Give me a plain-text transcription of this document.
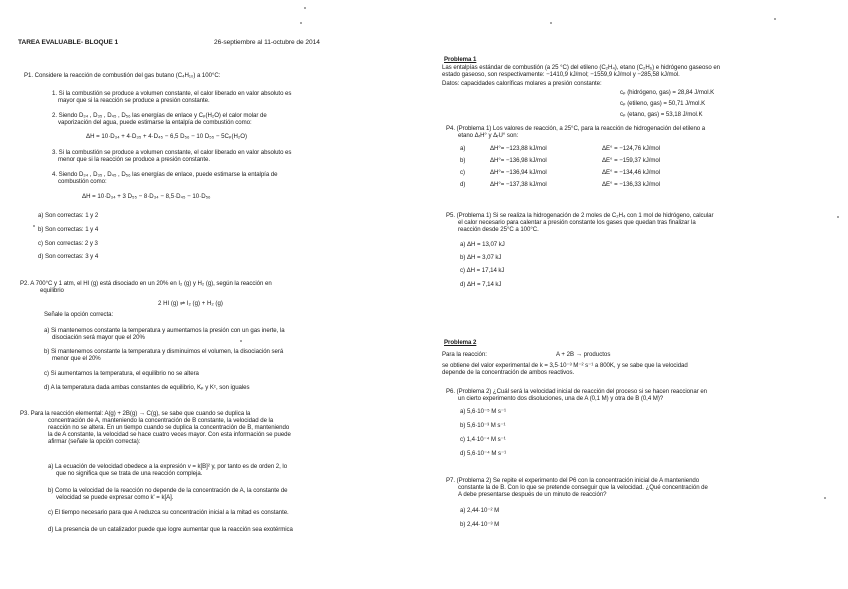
TAREA EVALUABLE- BLOQUE 1	26-septiembre al 11-octubre de 2014
P1. Considere la reacción de combustión del gas butano (C₄H₁₀) a 100°C:
1. Si la combustión se produce a volumen constante, el calor liberado en valor absoluto es
mayor que si la reacción se produce a presión constante.
2. Siendo D₃₄ , D₃₅ , D₄₅ , D₅₆ las energías de enlace y Cₚ(H₂O) el calor molar de
vaporización del agua, puede estimarse la entalpía de combustión como:
ΔH = 10·D₃₄ + 4·D₃₅ + 4·D₄₅ − 6,5 D₅₆ − 10 D₅₅ − 5Cₚ(H₂O)
3. Si la combustión se produce a volumen constante, el calor liberado en valor absoluto es
menor que si la reacción se produce a presión constante.
4. Siendo D₃₄ , D₃₅ , D₄₅ , D₅₆ las energías de enlace, puede estimarse la entalpía de
combustión como:
ΔH = 10·D₃₄ + 3 D₅₅ − 8·D₃₄ − 8,5·D₄₅ − 10·D₅₆
a) Son correctas: 1 y 2
b) Son correctas: 1 y 4
c) Son correctas: 2 y 3
d) Son correctas: 3 y 4
P2. A 700°C y 1 atm, el HI (g) está disociado en un 20% en I₂ (g) y H₂ (g), según la reacción en
equilibrio
2 HI (g) ⇌ I₂ (g) + H₂ (g)
Señale la opción correcta:
a) Si mantenemos constante la temperatura y aumentamos la presión con un gas inerte, la
disociación será mayor que el 20%
b) Si mantenemos constante la temperatura y disminuimos el volumen, la disociación será
menor que el 20%
c) Si aumentamos la temperatura, el equilibrio no se altera
d) A la temperatura dada ambas constantes de equilibrio, Kₚ y Kᶜ, son iguales
P3. Para la reacción elemental: A(g) + 2B(g) → C(g), se sabe que cuando se duplica la
concentración de A, manteniendo la concentración de B constante, la velocidad de la
reacción no se altera. En un tiempo cuando se duplica la concentración de B, manteniendo
la de A constante, la velocidad se hace cuatro veces mayor. Con esta información se puede
afirmar (señale la opción correcta):
a) La ecuación de velocidad obedece a la expresión v = k[B]² y, por tanto es de orden 2, lo
que no significa que se trata de una reacción compleja.
b) Como la velocidad de la reacción no depende de la concentración de A, la constante de
velocidad se puede expresar como k' = k[A].
c) El tiempo necesario para que A reduzca su concentración inicial a la mitad es constante.
d) La presencia de un catalizador puede que logre aumentar que la reacción sea exotérmica
Problema 1
Las entalpías estándar de combustión (a 25 °C) del etileno (C₂H₄), etano (C₂H₆) e hidrógeno gaseoso en
estado gaseoso, son respectivamente: −1410,9 kJ/mol; −1559,9 kJ/mol y −285,58 kJ/mol.
Datos: capacidades caloríficas molares a presión constante:
cₚ (hidrógeno, gas) = 28,84 J/mol.K
cₚ (etileno, gas) = 50,71 J/mol.K
cₚ (etano, gas) = 53,18 J/mol.K
P4. (Problema 1) Los valores de reacción, a 25°C, para la reacción de hidrogenación del etileno a
etano ΔᵣH° y ΔᵣU° son:
a)	ΔH°= −123,88 kJ/mol	ΔE° = −124,76 kJ/mol
b)	ΔH°= −136,98 kJ/mol	ΔE° = −159,37 kJ/mol
c)	ΔH°= −136,94 kJ/mol	ΔE° = −134,46 kJ/mol
d)	ΔH°= −137,38 kJ/mol	ΔE° = −136,33 kJ/mol
P5. (Problema 1) Si se realiza la hidrogenación de 2 moles de C₂H₄ con 1 mol de hidrógeno, calcular
el calor necesario para calentar a presión constante los gases que quedan tras finalizar la
reacción desde 25°C a 100°C.
a) ΔH = 13,07 kJ
b) ΔH = 3,07 kJ
c) ΔH = 17,14 kJ
d) ΔH = 7,14 kJ
Problema 2
Para la reacción:	A + 2B → productos
se obtiene del valor experimental de k = 3,5·10⁻³ M⁻² s⁻¹ a 800K, y se sabe que la velocidad
depende de la concentración de ambos reactivos.
P6. (Problema 2) ¿Cuál será la velocidad inicial de reacción del proceso si se hacen reaccionar en
un cierto experimento dos disoluciones, una de A (0,1 M) y otra de B (0,4 M)?
a) 5,6·10⁻⁵ M s⁻¹
b) 5,6·10⁻³ M s⁻¹
c) 1,4·10⁻⁴ M s⁻¹
d) 5,6·10⁻⁴ M s⁻¹
P7. (Problema 2) Se repite el experimento del P6 con la concentración inicial de A manteniendo
constante la de B. Con lo que se pretende conseguir que la velocidad. ¿Qué concentración de
A debe presentarse después de un minuto de reacción?
a) 2,44·10⁻² M
b) 2,44·10⁻³ M
